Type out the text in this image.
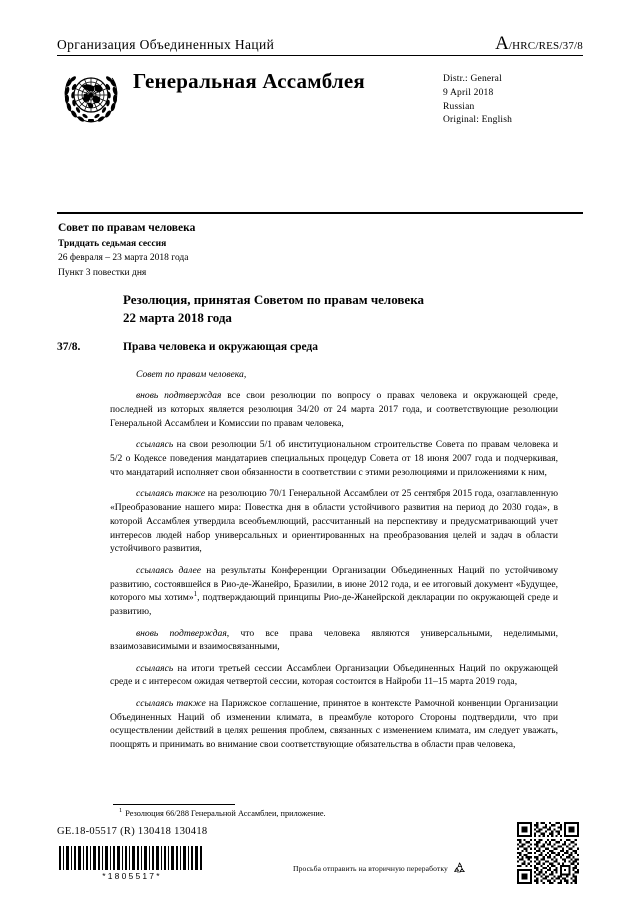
Организация Объединенных Наций	A/HRC/RES/37/8
Генеральная Ассамблея	Distr.: General
9 April 2018
Russian
Original: English
Совет по правам человека
Тридцать седьмая сессия
26 февраля – 23 марта 2018 года
Пункт 3 повестки дня
Резолюция, принятая Советом по правам человека
22 марта 2018 года
37/8.	Права человека и окружающая среда

Совет по правам человека,

вновь подтверждая все свои резолюции по вопросу о правах человека и окружающей среде, последней из которых является резолюция 34/20 от 24 марта 2017 года, и соответствующие резолюции Генеральной Ассамблеи и Комиссии по правам человека,

ссылаясь на свои резолюции 5/1 об институциональном строительстве Совета по правам человека и 5/2 о Кодексе поведения мандатариев специальных процедур Совета от 18 июня 2007 года и подчеркивая, что мандатарий исполняет свои обязанности в соответствии с этими резолюциями и приложениями к ним,

ссылаясь также на резолюцию 70/1 Генеральной Ассамблеи от 25 сентября 2015 года, озаглавленную «Преобразование нашего мира: Повестка дня в области устойчивого развития на период до 2030 года», в которой Ассамблея утвердила всеобъемлющий, рассчитанный на перспективу и предусматривающий учет интересов людей набор универсальных и ориентированных на преобразования целей и задач в области устойчивого развития,

ссылаясь далее на результаты Конференции Организации Объединенных Наций по устойчивому развитию, состоявшейся в Рио-де-Жанейро, Бразилии, в июне 2012 года, и ее итоговый документ «Будущее, которого мы хотим»$^1$, подтверждающий принципы Рио-де-Жанейрской декларации по окружающей среде и развитию,

вновь подтверждая, что все права человека являются универсальными, неделимыми, взаимозависимыми и взаимосвязанными,

ссылаясь на итоги третьей сессии Ассамблеи Организации Объединенных Наций по окружающей среде и с интересом ожидая четвертой сессии, которая состоится в Найроби 11–15 марта 2019 года,

ссылаясь также на Парижское соглашение, принятое в контексте Рамочной конвенции Организации Объединенных Наций об изменении климата, в преамбуле которого Стороны подтвердили, что при осуществлении действий в целях решения проблем, связанных с изменением климата, им следует уважать, поощрять и принимать во внимание свои соответствующие обязательства в области прав человека,

$^1$ Резолюция 66/288 Генеральной Ассамблеи, приложение.
GE.18-05517 (R) 130418 130418
*1805517*
Просьба отправить на вторичную переработку
